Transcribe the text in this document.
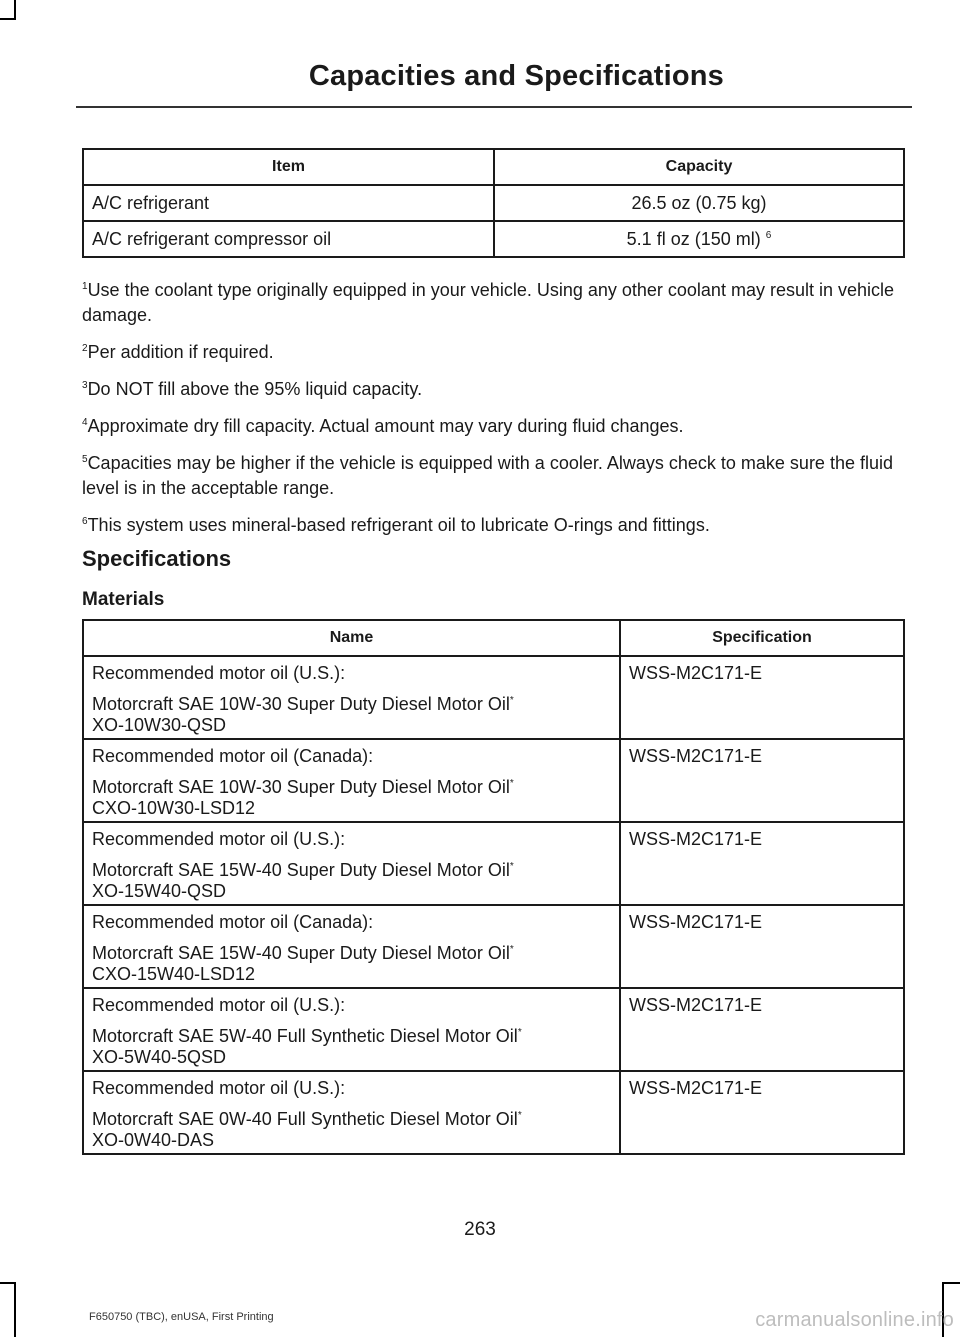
Capacities and Specifications
Item	Capacity
A/C refrigerant	26.5 oz (0.75 kg)
A/C refrigerant compressor oil	5.1 fl oz (150 ml) $^6$

$^1$Use the coolant type originally equipped in your vehicle. Using any other coolant may result in vehicle damage.

$^2$Per addition if required.

$^3$Do NOT fill above the 95% liquid capacity.

$^4$Approximate dry fill capacity. Actual amount may vary during fluid changes.

$^5$Capacities may be higher if the vehicle is equipped with a cooler. Always check to make sure the fluid level is in the acceptable range.

$^6$This system uses mineral-based refrigerant oil to lubricate O-rings and fittings.

Specifications
Materials
Name	Specification

Recommended motor oil (U.S.):
Motorcraft SAE 10W-30 Super Duty Diesel Motor Oil*
XO-10W30-QSD	WSS-M2C171-E

Recommended motor oil (Canada):
Motorcraft SAE 10W-30 Super Duty Diesel Motor Oil*
CXO-10W30-LSD12	WSS-M2C171-E

Recommended motor oil (U.S.):
Motorcraft SAE 15W-40 Super Duty Diesel Motor Oil*
XO-15W40-QSD	WSS-M2C171-E

Recommended motor oil (Canada):
Motorcraft SAE 15W-40 Super Duty Diesel Motor Oil*
CXO-15W40-LSD12	WSS-M2C171-E

Recommended motor oil (U.S.):
Motorcraft SAE 5W-40 Full Synthetic Diesel Motor Oil*
XO-5W40-5QSD	WSS-M2C171-E

Recommended motor oil (U.S.):
Motorcraft SAE 0W-40 Full Synthetic Diesel Motor Oil*
XO-0W40-DAS	WSS-M2C171-E
263
F650750 (TBC), enUSA, First Printing	carmanualsonline.info
